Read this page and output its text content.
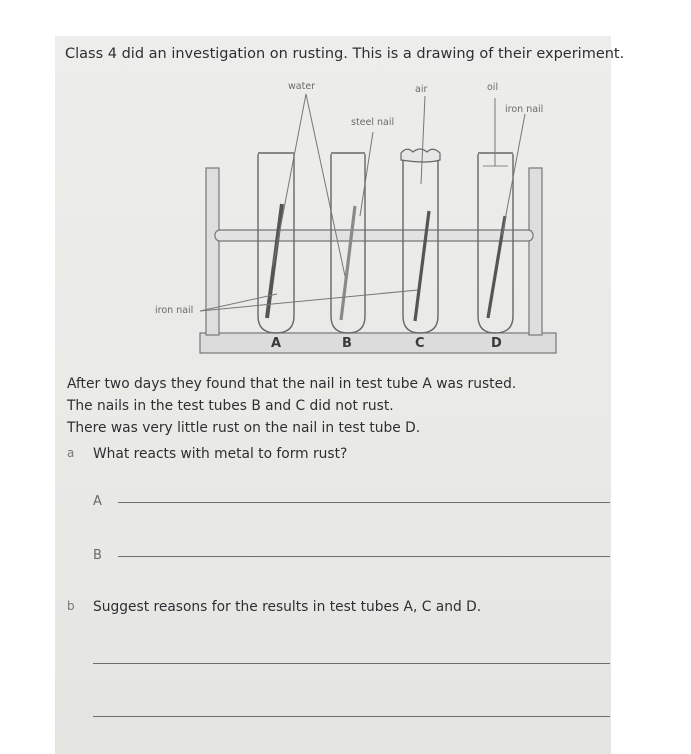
Class 4 did an investigation on rusting. This is a drawing of their experiment.
water	air	oil
iron nail
steel nail
iron nail
A	B	C	D
After two days they found that the nail in test tube A was rusted.
The nails in the test tubes B and C did not rust.
There was very little rust on the nail in test tube D.
a What reacts with metal to form rust?
A
B
b Suggest reasons for the results in test tubes A, C and D.
